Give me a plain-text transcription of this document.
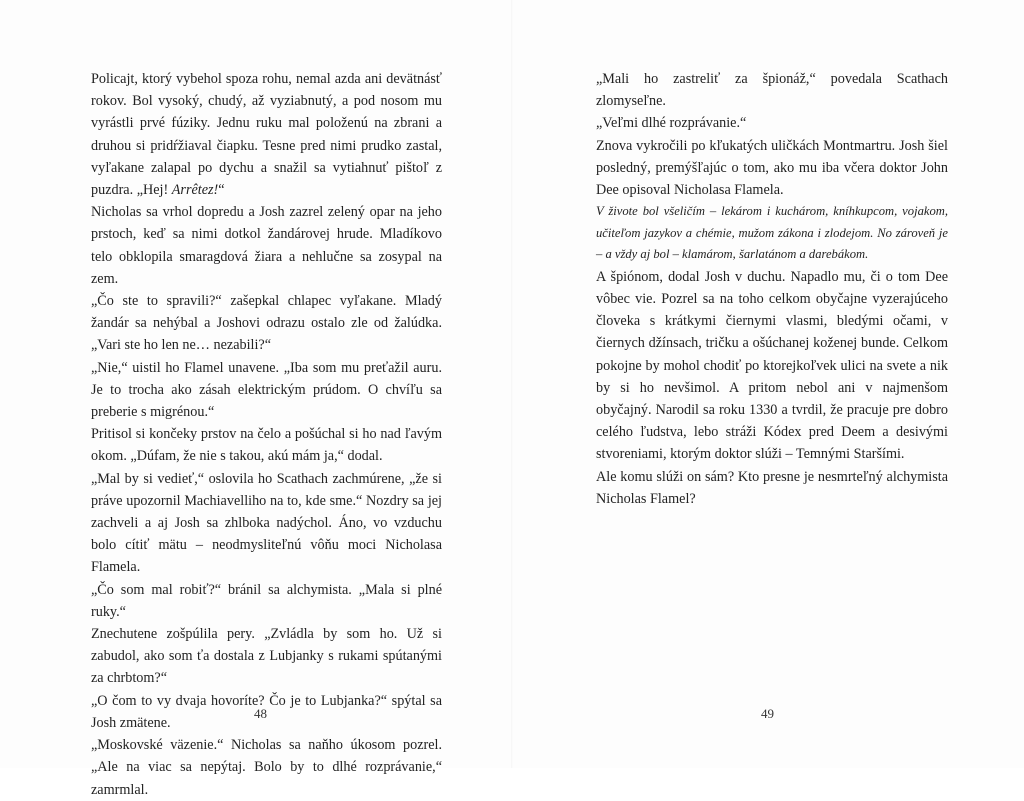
Policajt, ktorý vybehol spoza rohu, nemal azda ani devätnásť rokov. Bol vysoký, chudý, až vyziabnutý, a pod nosom mu vyrástli prvé fúziky. Jednu ruku mal položenú na zbrani a druhou si pridŕžiaval čiapku. Tesne pred nimi prudko zastal, vyľakane zalapal po dychu a snažil sa vytiahnuť pištoľ z puzdra. „Hej! Arrêtez!“

Nicholas sa vrhol dopredu a Josh zazrel zelený opar na jeho prstoch, keď sa nimi dotkol žandárovej hrude. Mladíkovo telo obklopila smaragdová žiara a nehlučne sa zosypal na zem.

„Čo ste to spravili?“ zašepkal chlapec vyľakane. Mladý žandár sa nehýbal a Joshovi odrazu ostalo zle od žalúdka. „Vari ste ho len ne… nezabili?“

„Nie,“ uistil ho Flamel unavene. „Iba som mu preťažil auru. Je to trocha ako zásah elektrickým prúdom. O chvíľu sa preberie s migrénou.“

Pritisol si končeky prstov na čelo a pošúchal si ho nad ľavým okom. „Dúfam, že nie s takou, akú mám ja,“ dodal.

„Mal by si vedieť,“ oslovila ho Scathach zachmúrene, „že si práve upozornil Machiavelliho na to, kde sme.“ Nozdry sa jej zachveli a aj Josh sa zhlboka nadýchol. Áno, vo vzduchu bolo cítiť mätu – neodmysliteľnú vôňu moci Nicholasa Flamela.

„Čo som mal robiť?“ bránil sa alchymista. „Mala si plné ruky.“

Znechutene zošpúlila pery. „Zvládla by som ho. Už si zabudol, ako som ťa dostala z Lubjanky s rukami spútanými za chrbtom?“

„O čom to vy dvaja hovoríte? Čo je to Lubjanka?“ spýtal sa Josh zmätene.

„Moskovské väzenie.“ Nicholas sa naňho úkosom pozrel. „Ale na viac sa nepýtaj. Bolo by to dlhé rozprávanie,“ zamrmlal.

48

„Mali ho zastreliť za špionáž,“ povedala Scathach zlomyseľne.

„Veľmi dlhé rozprávanie.“

Znova vykročili po kľukatých uličkách Montmartru. Josh šiel posledný, premýšľajúc o tom, ako mu iba včera doktor John Dee opisoval Nicholasa Flamela.

V živote bol všeličím – lekárom i kuchárom, kníhkupcom, vojakom, učiteľom jazykov a chémie, mužom zákona i zlodejom. No zároveň je – a vždy aj bol – klamárom, šarlatánom a darebákom.

A špiónom, dodal Josh v duchu. Napadlo mu, či o tom Dee vôbec vie. Pozrel sa na toho celkom obyčajne vyzerajúceho človeka s krátkymi čiernymi vlasmi, bledými očami, v čiernych džínsach, tričku a ošúchanej koženej bunde. Celkom pokojne by mohol chodiť po ktorejkoľvek ulici na svete a nik by si ho nevšimol. A pritom nebol ani v najmenšom obyčajný. Narodil sa roku 1330 a tvrdil, že pracuje pre dobro celého ľudstva, lebo stráži Kódex pred Deem a desivými stvoreniami, ktorým doktor slúži – Temnými Staršími.

Ale komu slúži on sám? Kto presne je nesmrteľný alchymista Nicholas Flamel?

49
